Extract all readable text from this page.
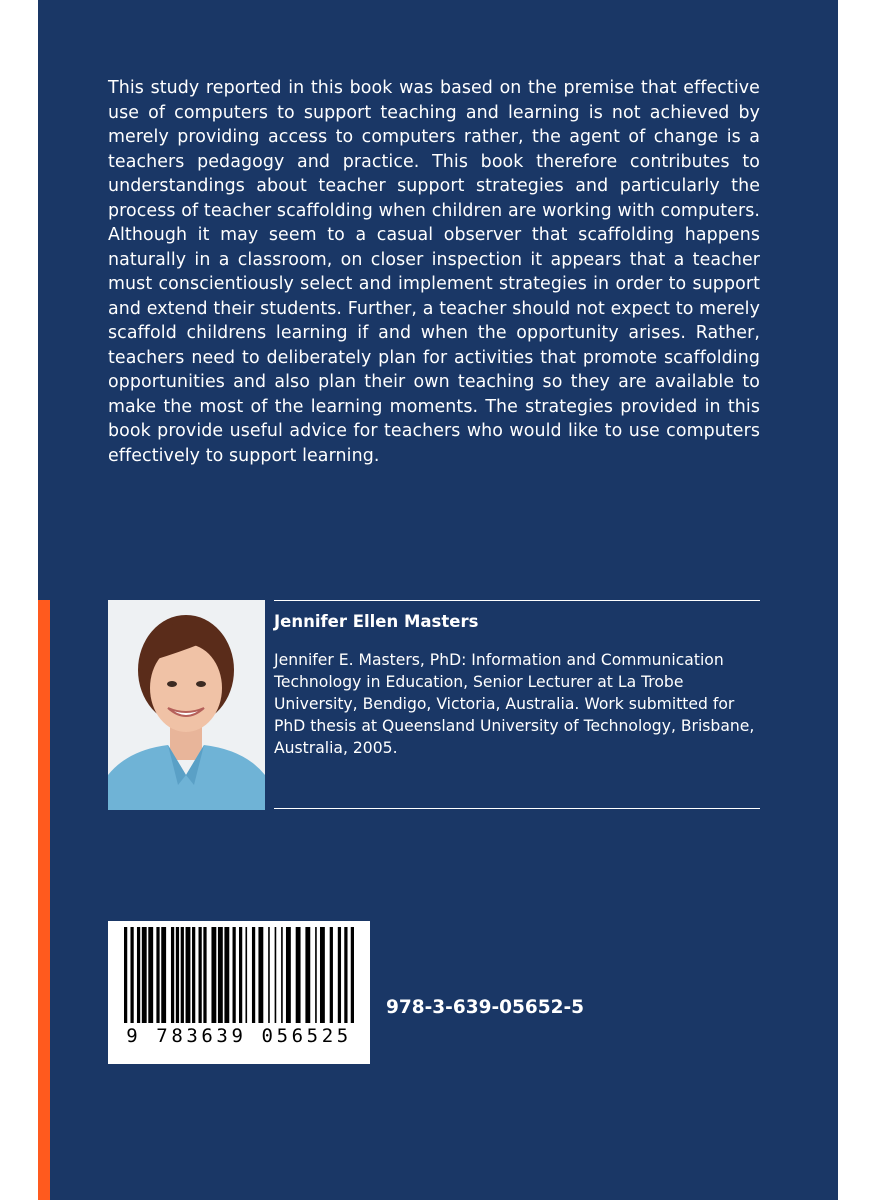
This study reported in this book was based on the premise that effective use of computers to support teaching and learning is not achieved by merely providing access to computers rather, the agent of change is a teachers pedagogy and practice. This book therefore contributes to understandings about teacher support strategies and particularly the process of teacher scaffolding when children are working with computers. Although it may seem to a casual observer that scaffolding happens naturally in a classroom, on closer inspection it appears that a teacher must conscientiously select and implement strategies in order to support and extend their students. Further, a teacher should not expect to merely scaffold childrens learning if and when the opportunity arises. Rather, teachers need to deliberately plan for activities that promote scaffolding opportunities and also plan their own teaching so they are available to make the most of the learning moments. The strategies provided in this book provide useful advice for teachers who would like to use computers effectively to support learning.

Jennifer Ellen Masters

Jennifer E. Masters, PhD: Information and Communication Technology in Education, Senior Lecturer at La Trobe University, Bendigo, Victoria, Australia. Work submitted for PhD thesis at Queensland University of Technology, Brisbane, Australia, 2005.

9 783639 056525

978-3-639-05652-5
